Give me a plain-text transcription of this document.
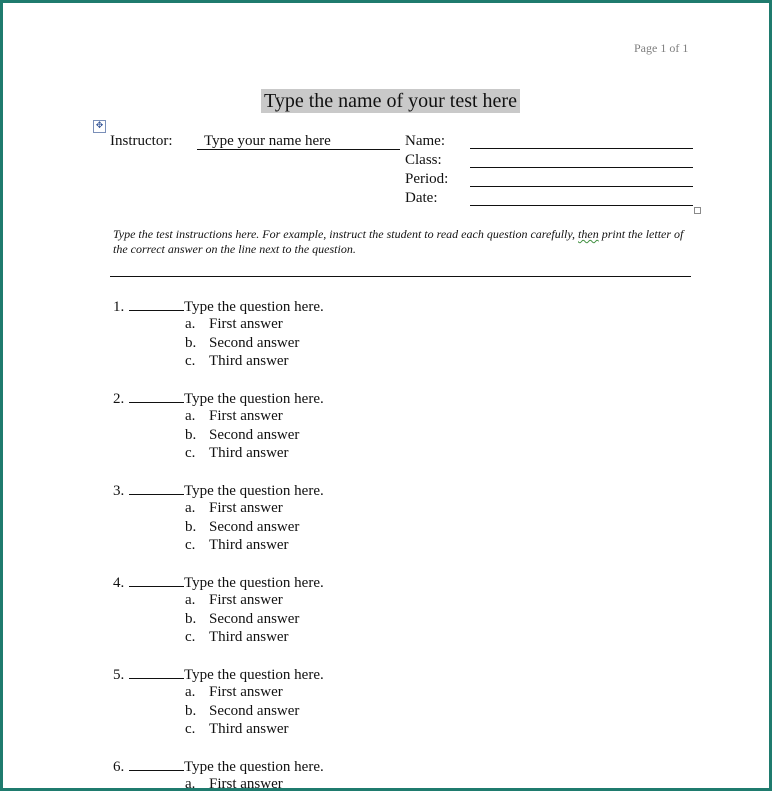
Page 1 of 1
Type the name of your test here
✥
Instructor:	Type your name here	Name:
Class:
Period:
Date:
Type the test instructions here. For example, instruct the student to read each question carefully, then print the letter of the correct answer on the line next to the question.
1.	Type the question here.
a. First answer
b. Second answer
c. Third answer
2.	Type the question here.
a. First answer
b. Second answer
c. Third answer
3.	Type the question here.
a. First answer
b. Second answer
c. Third answer
4.	Type the question here.
a. First answer
b. Second answer
c. Third answer
5.	Type the question here.
a. First answer
b. Second answer
c. Third answer
6.	Type the question here.
a. First answer
